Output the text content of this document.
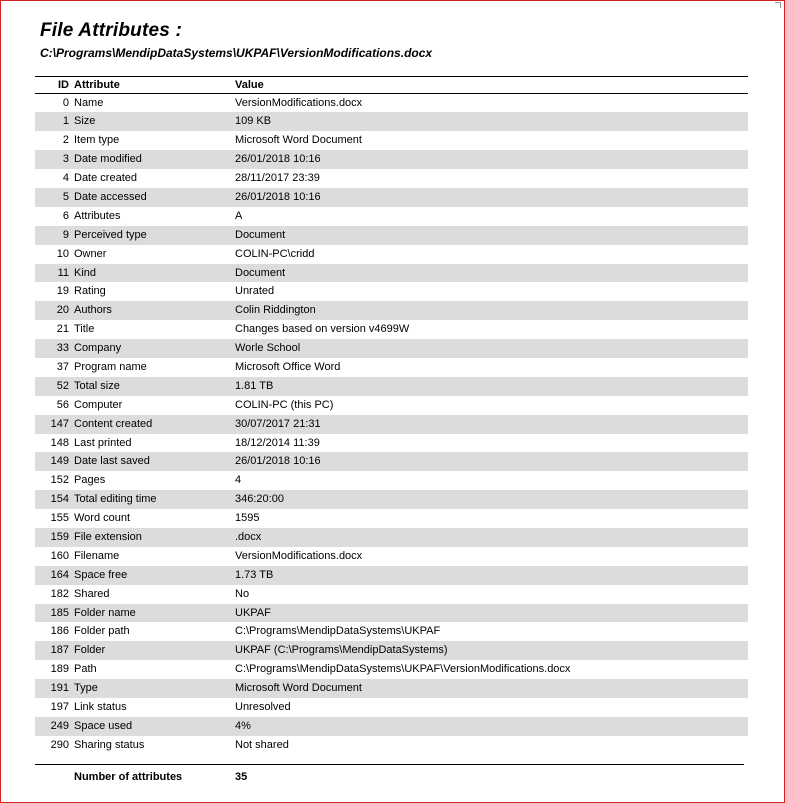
File Attributes :
C:\Programs\MendipDataSystems\UKPAF\VersionModifications.docx
ID Attribute	Value
0 Name	VersionModifications.docx
1 Size	109 KB
2 Item type	Microsoft Word Document
3 Date modified	26/01/2018 10:16
4 Date created	28/11/2017 23:39
5 Date accessed	26/01/2018 10:16
6 Attributes	A
9 Perceived type	Document
10 Owner	COLIN-PC\cridd
11 Kind	Document
19 Rating	Unrated
20 Authors	Colin Riddington
21 Title	Changes based on version v4699W
33 Company	Worle School
37 Program name	Microsoft Office Word
52 Total size	1.81 TB
56 Computer	COLIN-PC (this PC)
147 Content created	30/07/2017 21:31
148 Last printed	18/12/2014 11:39
149 Date last saved	26/01/2018 10:16
152 Pages	4
154 Total editing time	346:20:00
155 Word count	1595
159 File extension	.docx
160 Filename	VersionModifications.docx
164 Space free	1.73 TB
182 Shared	No
185 Folder name	UKPAF
186 Folder path	C:\Programs\MendipDataSystems\UKPAF
187 Folder	UKPAF (C:\Programs\MendipDataSystems)
189 Path	C:\Programs\MendipDataSystems\UKPAF\VersionModifications.docx
191 Type	Microsoft Word Document
197 Link status	Unresolved
249 Space used	4%
290 Sharing status	Not shared
Number of attributes	35
